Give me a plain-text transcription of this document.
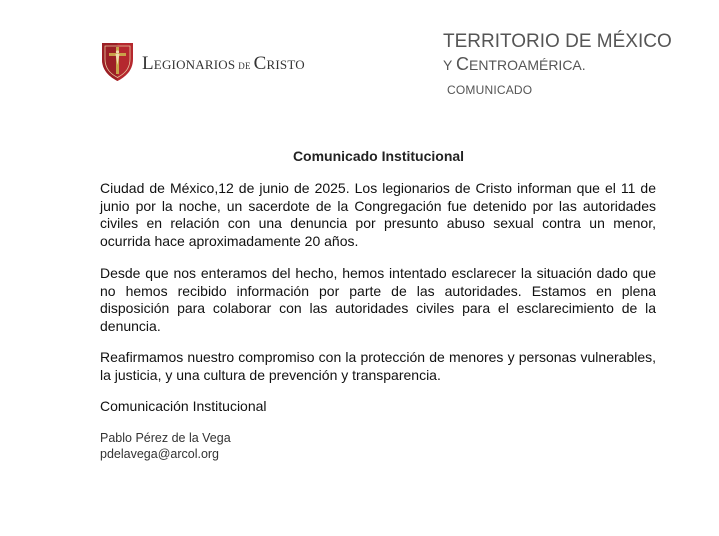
Legionarios de Cristo
TERRITORIO DE MÉXICO
Y CENTROAMÉRICA.
COMUNICADO
Comunicado Institucional
Ciudad de México,12 de junio de 2025. Los legionarios de Cristo informan que el 11 de junio por la noche, un sacerdote de la Congregación fue detenido por las autoridades civiles en relación con una denuncia por presunto abuso sexual contra un menor, ocurrida hace aproximadamente 20 años.
Desde que nos enteramos del hecho, hemos intentado esclarecer la situación dado que no hemos recibido información por parte de las autoridades. Estamos en plena disposición para colaborar con las autoridades civiles para el esclarecimiento de la denuncia.
Reafirmamos nuestro compromiso con la protección de menores y personas vulnerables, la justicia, y una cultura de prevención y transparencia.
Comunicación Institucional
Pablo Pérez de la Vega
pdelavega@arcol.org
